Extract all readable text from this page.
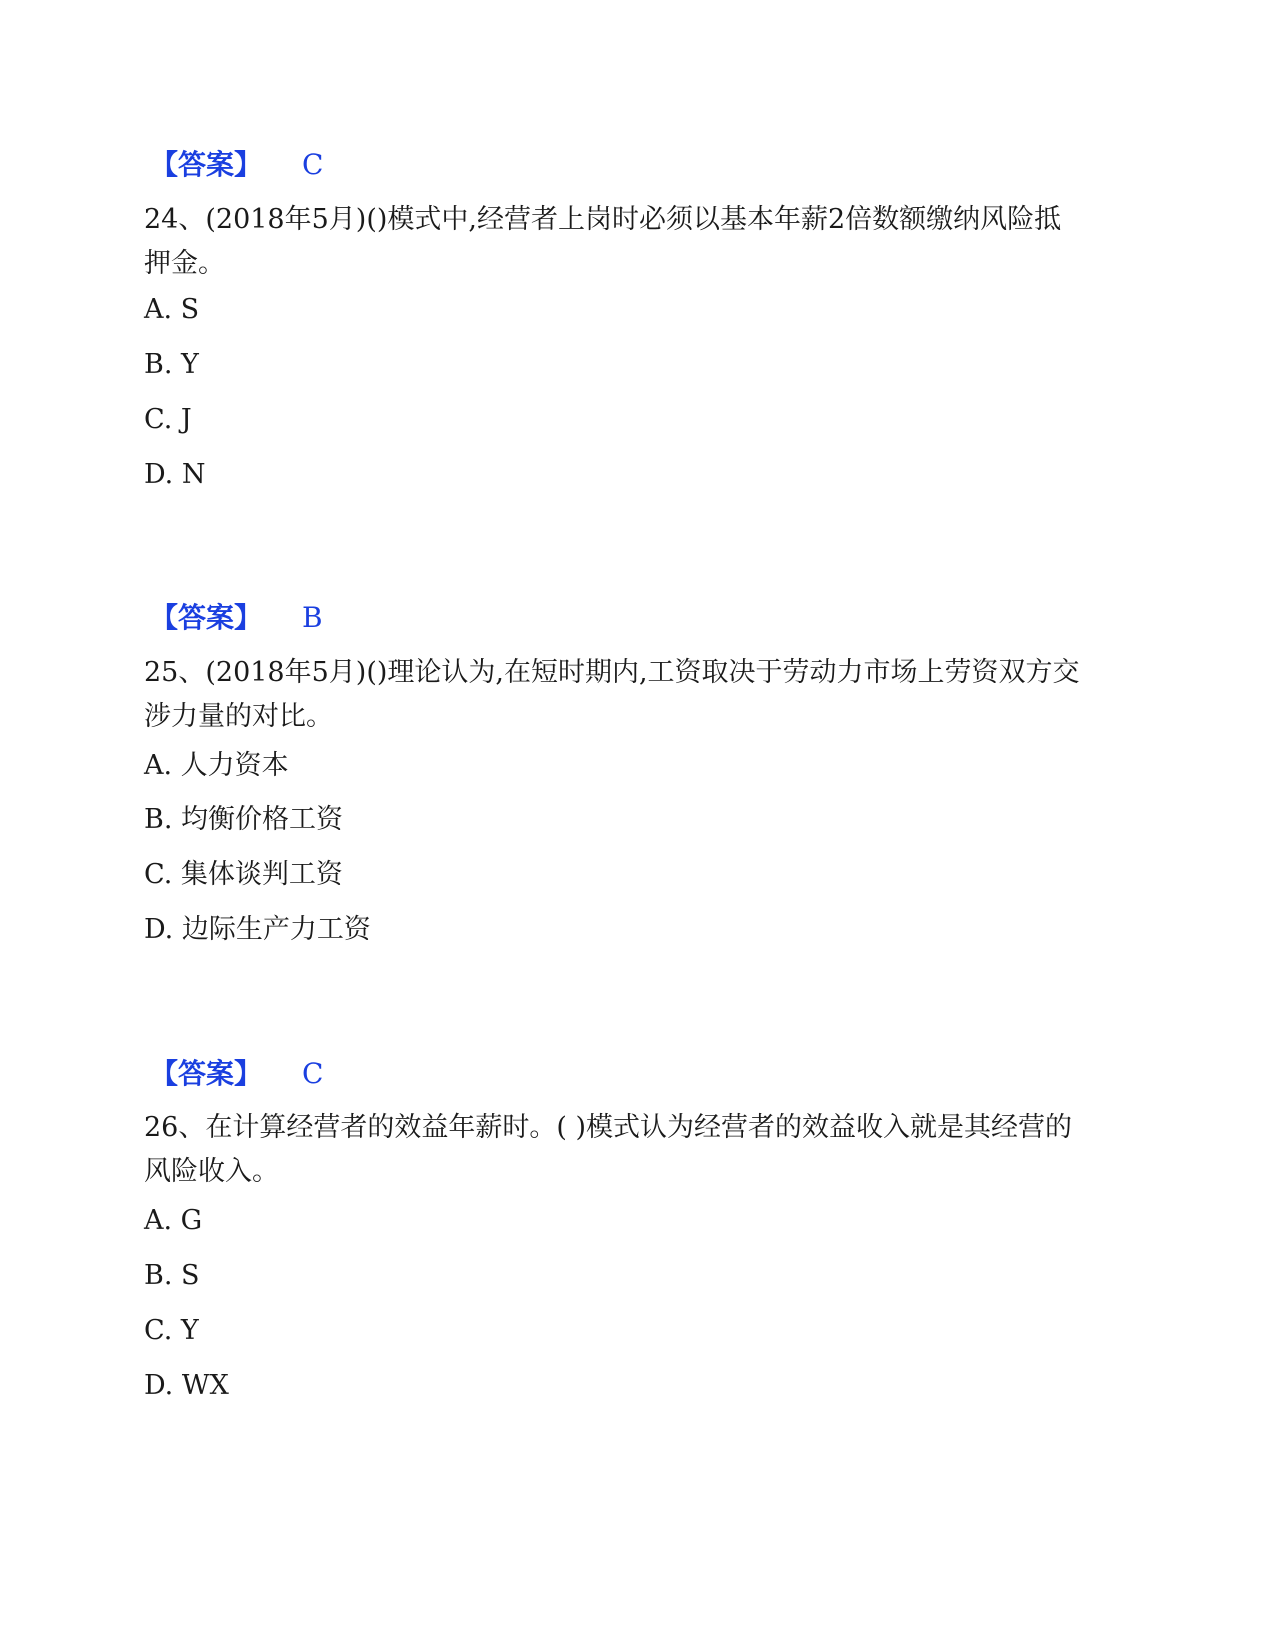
【答案】 C
24、(2018年5月)()模式中,经营者上岗时必须以基本年薪2倍数额缴纳风险抵押金。
A. S
B. Y
C. J
D. N
【答案】 B
25、(2018年5月)()理论认为,在短时期内,工资取决于劳动力市场上劳资双方交涉力量的对比。
A. 人力资本
B. 均衡价格工资
C. 集体谈判工资
D. 边际生产力工资
【答案】 C
26、在计算经营者的效益年薪时。( )模式认为经营者的效益收入就是其经营的风险收入。
A. G
B. S
C. Y
D. WX
